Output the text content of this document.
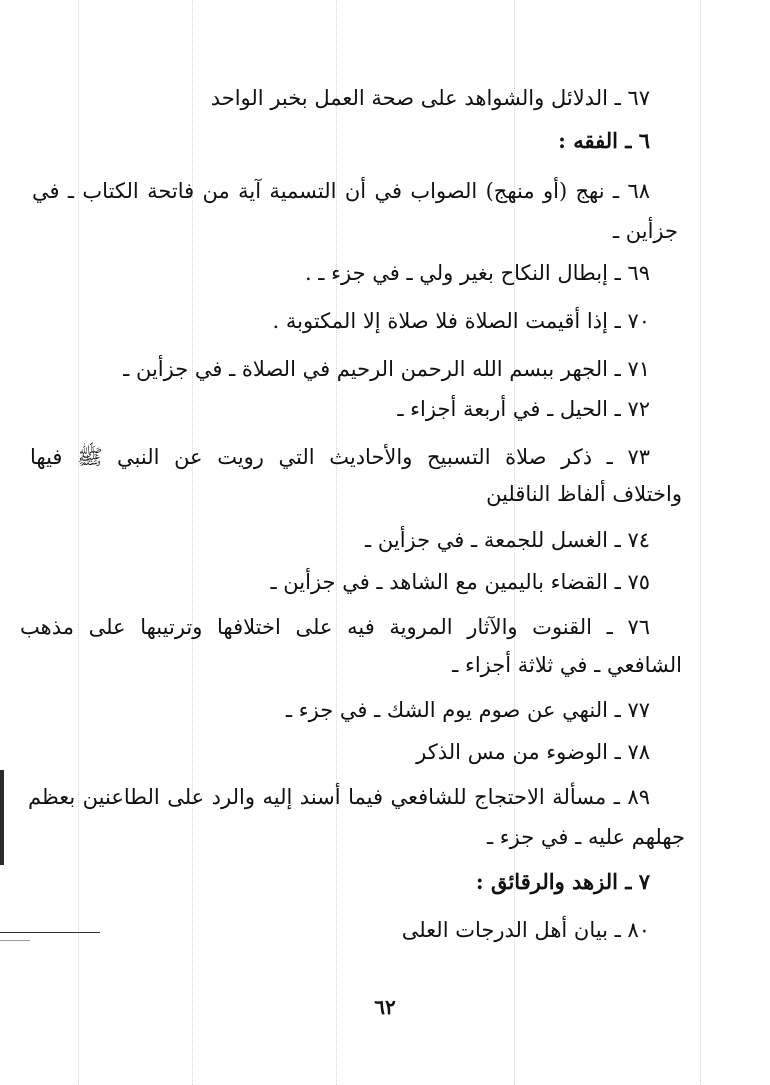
٦٧ ـ الدلائل والشواهد على صحة العمل بخبر الواحد
٦ ـ الفقه :
٦٨ ـ نهج (أو منهج) الصواب في أن التسمية آية من فاتحة الكتاب ـ في
جزأين ـ
٦٩ ـ إبطال النكاح بغير ولي ـ في جزء ـ .
٧٠ ـ إذا أقيمت الصلاة فلا صلاة إلا المكتوبة .
٧١ ـ الجهر ببسم الله الرحمن الرحيم في الصلاة ـ في جزأين ـ
٧٢ ـ الحيل ـ في أربعة أجزاء ـ
٧٣ ـ ذكر صلاة التسبيح والأحاديث التي رويت عن النبي ﷺ فيها
واختلاف ألفاظ الناقلين
٧٤ ـ الغسل للجمعة ـ في جزأين ـ
٧٥ ـ القضاء باليمين مع الشاهد ـ في جزأين ـ
٧٦ ـ القنوت والآثار المروية فيه على اختلافها وترتيبها على مذهب
الشافعي ـ في ثلاثة أجزاء ـ
٧٧ ـ النهي عن صوم يوم الشك ـ في جزء ـ
٧٨ ـ الوضوء من مس الذكر
٨٩ ـ مسألة الاحتجاج للشافعي فيما أسند إليه والرد على الطاعنين بعظم
جهلهم عليه ـ في جزء ـ
٧ ـ الزهد والرقائق :
٨٠ ـ بيان أهل الدرجات العلى
٦٢
